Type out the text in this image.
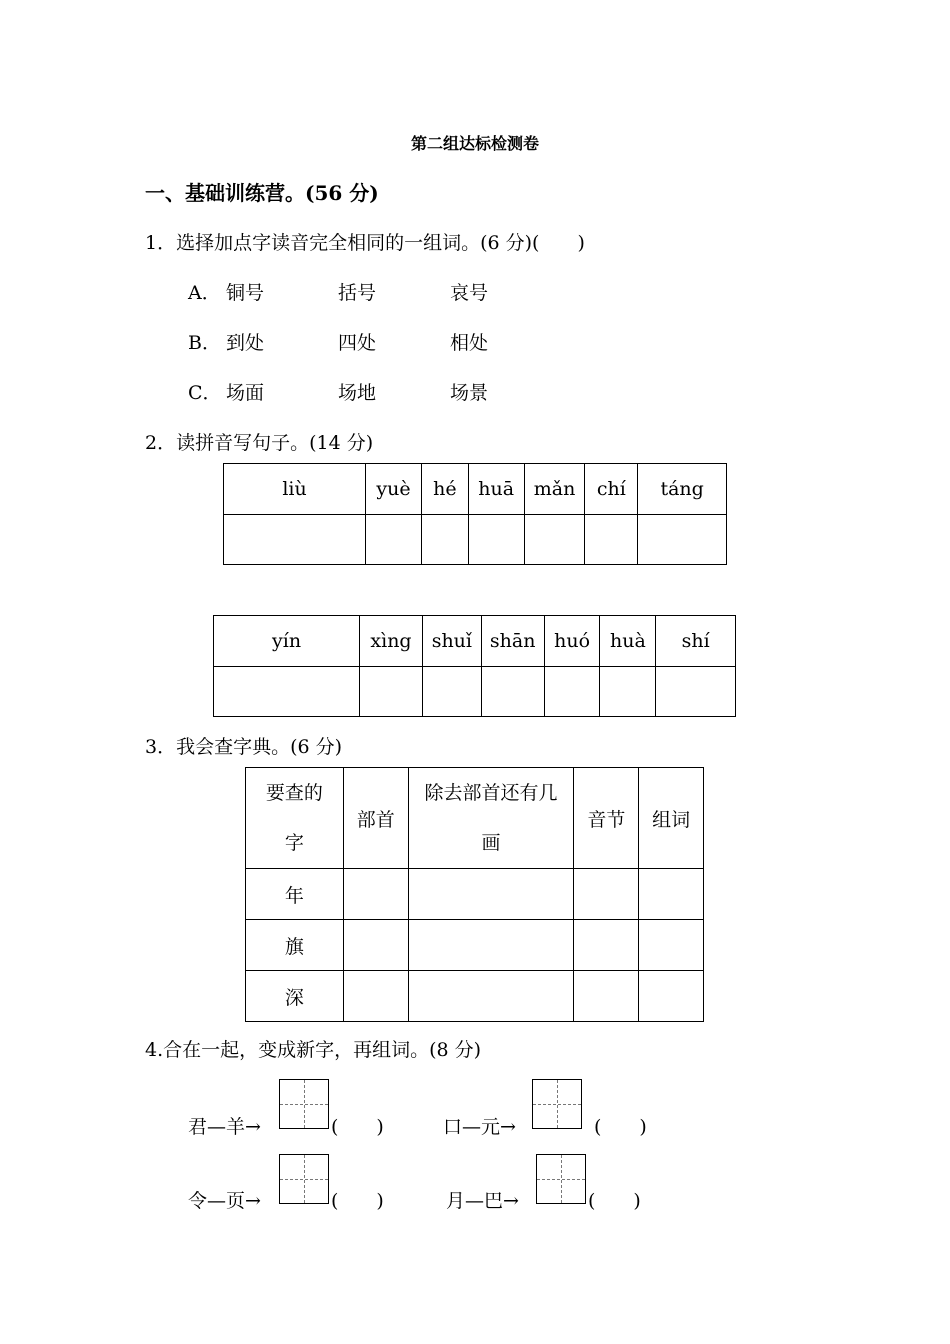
第二组达标检测卷
一、基础训练营。(56 分)
1．选择加点字读音完全相同的一组词。(6 分)(　　)
A． 铜号	括号	哀号
B． 到处	四处	相处
C． 场面	场地	场景
2．读拼音写句子。(14 分)
liù	yuè	hé	huā	mǎn	chí	táng

yín	xìng	shuǐ	shān	huó	huà	shí

3．我会查字典。(6 分)
要查的字	部首	除去部首还有几画	音节	组词
年				
旗				
深				
4.合在一起，变成新字，再组词。(8 分)
君—羊→	(　　)	口—元→	(　　)
令—页→	(　　)	月—巴→	(　　)
